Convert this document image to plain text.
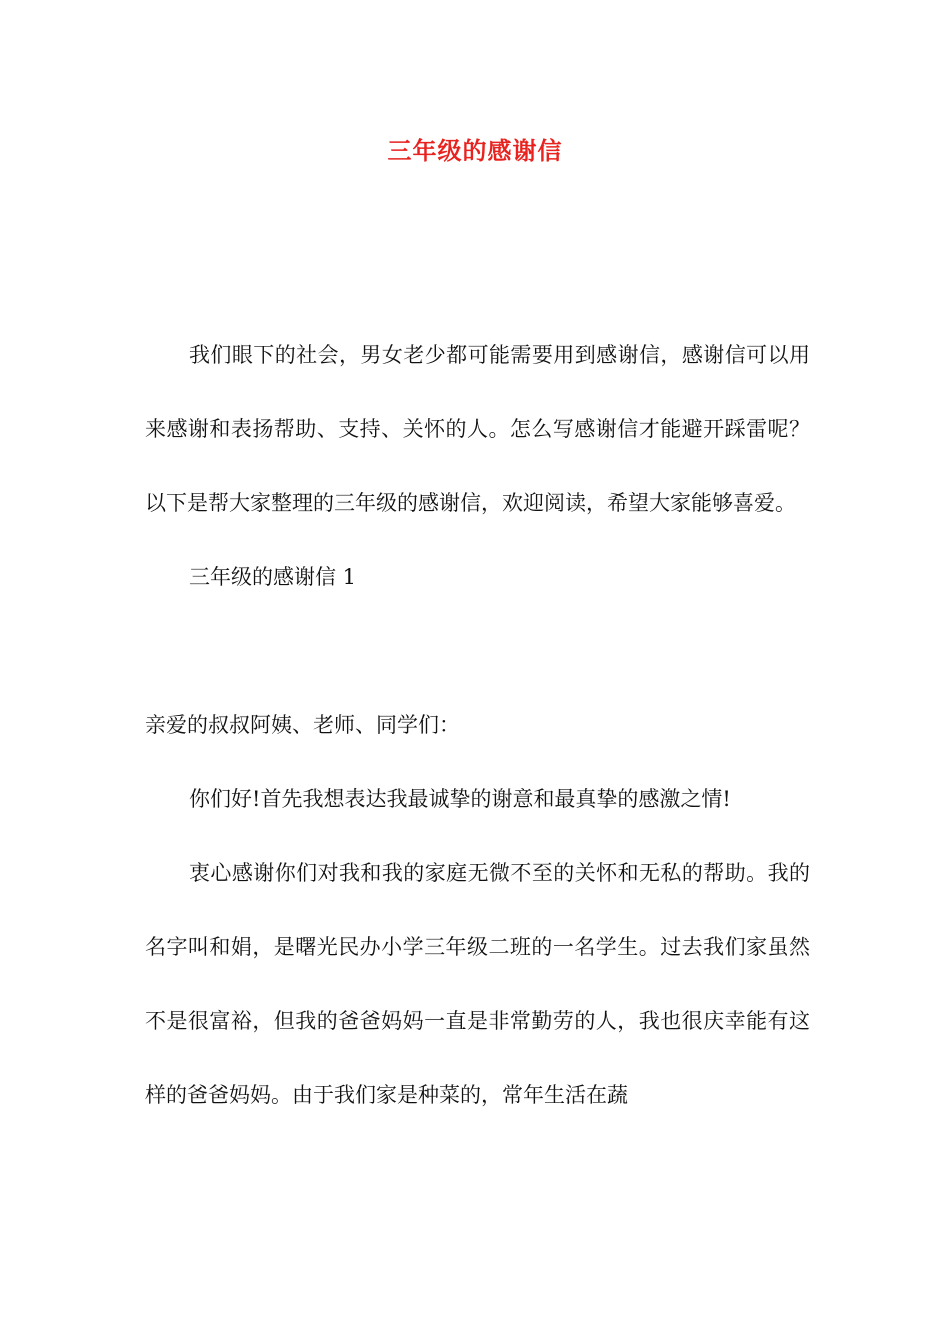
三年级的感谢信

我们眼下的社会，男女老少都可能需要用到感谢信，感谢信可以用来感谢和表扬帮助、支持、关怀的人。怎么写感谢信才能避开踩雷呢？以下是帮大家整理的三年级的感谢信，欢迎阅读，希望大家能够喜爱。

三年级的感谢信 1

亲爱的叔叔阿姨、老师、同学们：

你们好!首先我想表达我最诚挚的谢意和最真挚的感激之情!

衷心感谢你们对我和我的家庭无微不至的关怀和无私的帮助。我的名字叫和娟，是曙光民办小学三年级二班的一名学生。过去我们家虽然不是很富裕，但我的爸爸妈妈一直是非常勤劳的人，我也很庆幸能有这样的爸爸妈妈。由于我们家是种菜的，常年生活在蔬
